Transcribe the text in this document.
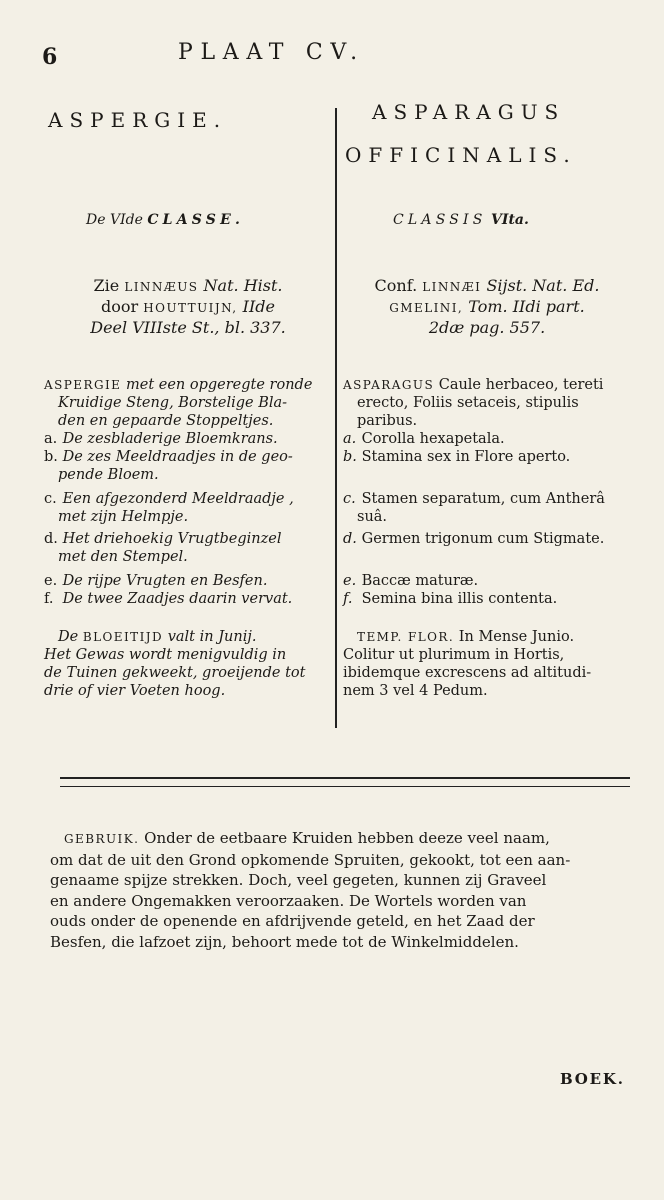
6	PLAAT CV.
ASPERGIE.	ASPARAGUS
OFFICINALIS.
De VIde CLASSE.	CLASSIS VIta.
Zie LINNÆUS Nat. Hist.
door HOUTTUIJN, IIde
Deel VIIIste St., bl. 337.
Conf. LINNÆI Sijst. Nat. Ed.
GMELINI, Tom. IIdi part.
2dæ pag. 557.
ASPERGIE met een opgeregte ronde
Kruidige Steng, Borstelige Bla-
den en gepaarde Stoppeltjes.
a. De zesbladerige Bloemkrans.
b. De zes Meeldraadjes in de geo-
pende Bloem.
c. Een afgezonderd Meeldraadje ,
met zijn Helmpje.
d. Het driehoekig Vrugtbeginzel
met den Stempel.
e. De rijpe Vrugten en Besfen.
f. De twee Zaadjes daarin vervat.
De BLOEITIJD valt in Junij.
Het Gewas wordt menigvuldig in
de Tuinen gekweekt, groeijende tot
drie of vier Voeten hoog.
ASPARAGUS Caule herbaceo, tereti
erecto, Foliis setaceis, stipulis
paribus.
a. Corolla hexapetala.
b. Stamina sex in Flore aperto.
c. Stamen separatum, cum Antherâ
suâ.
d. Germen trigonum cum Stigmate.
e. Baccæ maturæ.
f. Semina bina illis contenta.
TEMP. FLOR. In Mense Junio.
Colitur ut plurimum in Hortis,
ibidemque excrescens ad altitudi-
nem 3 vel 4 Pedum.
GEBRUIK. Onder de eetbaare Kruiden hebben deeze veel naam,
om dat de uit den Grond opkomende Spruiten, gekookt, tot een aan-
genaame spijze strekken. Doch, veel gegeten, kunnen zij Graveel
en andere Ongemakken veroorzaaken. De Wortels worden van
ouds onder de openende en afdrijvende geteld, en het Zaad der
Besfen, die lafzoet zijn, behoort mede tot de Winkelmiddelen.
BOEK.
